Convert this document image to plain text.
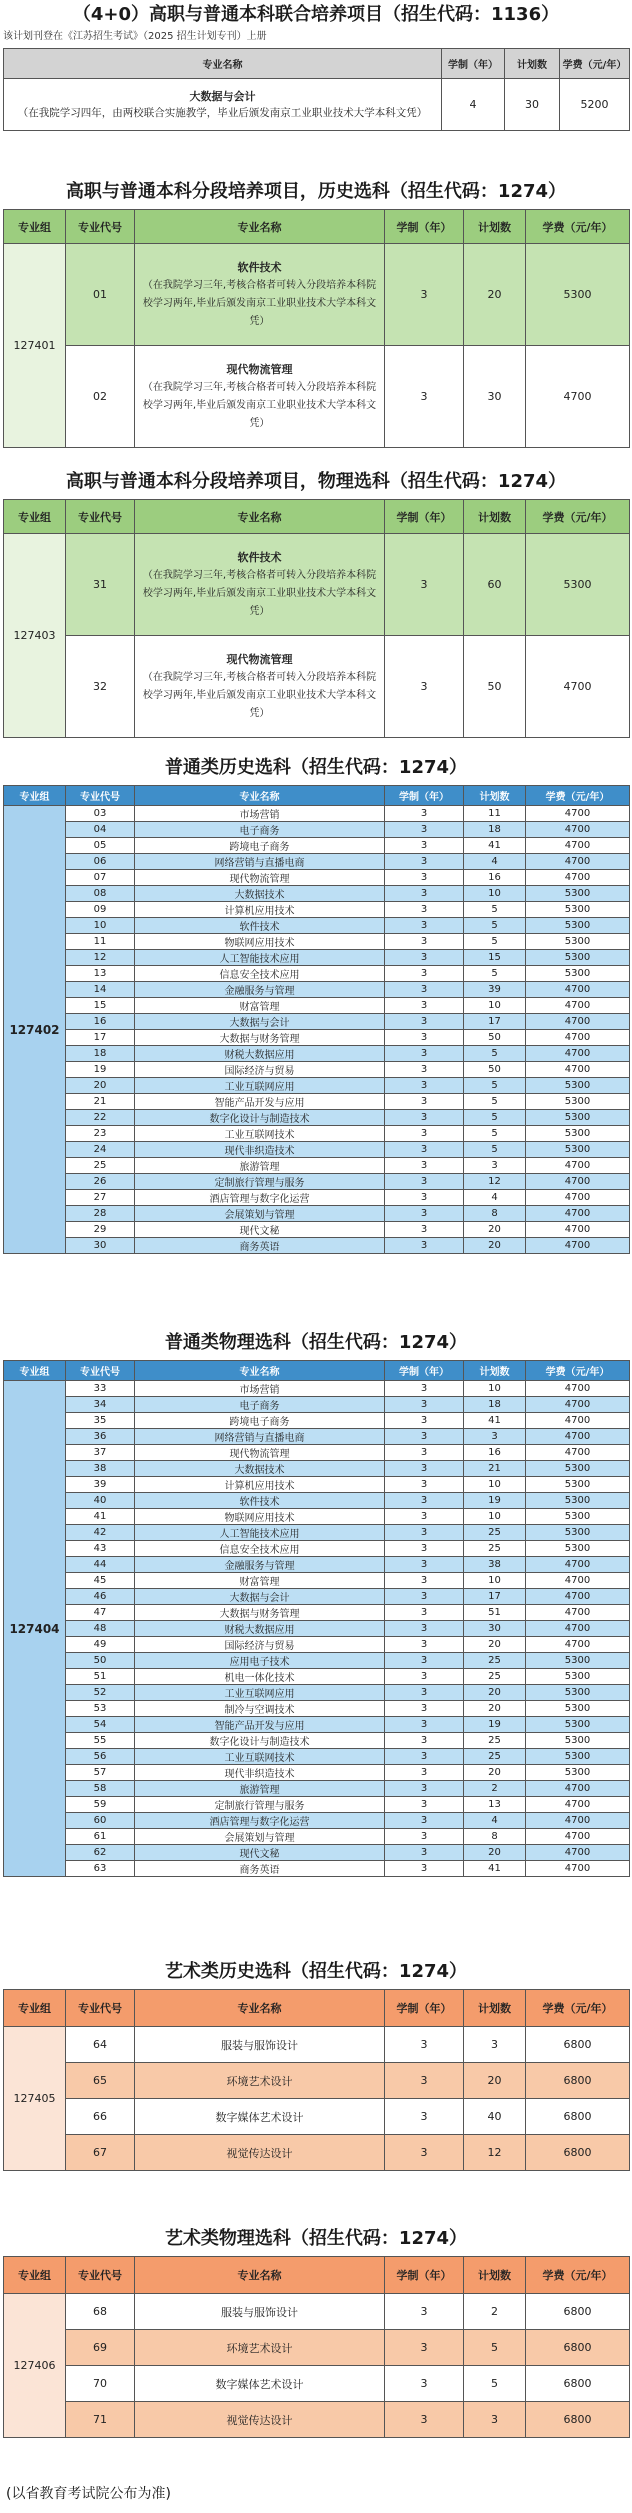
（4+0）高职与普通本科联合培养项目（招生代码：1136）
该计划刊登在《江苏招生考试》（2025 招生计划专刊）上册
专业名称	学制（年）	计划数	学费（元/年）

大数据与会计
（在我院学习四年，由两校联合实施教学，毕业后颁发南京工业职业技术大学本科文凭）	4	30	5200
高职与普通本科分段培养项目，历史选科（招生代码：1274）
专业组	专业代号	专业名称	学制（年）	计划数	学费（元/年）
127401	01	软件技术
（在我院学习三年,考核合格者可转入分段培养本科院校学习两年,毕业后颁发南京工业职业技术大学本科文凭）	3	20	5300
	02	现代物流管理
（在我院学习三年,考核合格者可转入分段培养本科院校学习两年,毕业后颁发南京工业职业技术大学本科文凭）	3	30	4700
高职与普通本科分段培养项目，物理选科（招生代码：1274）
专业组	专业代号	专业名称	学制（年）	计划数	学费（元/年）
127403	31	软件技术
（在我院学习三年,考核合格者可转入分段培养本科院校学习两年,毕业后颁发南京工业职业技术大学本科文凭）	3	60	5300
	32	现代物流管理
（在我院学习三年,考核合格者可转入分段培养本科院校学习两年,毕业后颁发南京工业职业技术大学本科文凭）	3	50	4700
普通类历史选科（招生代码：1274）
专业组	专业代号	专业名称	学制（年）	计划数	学费（元/年）
127402	03	市场营销	3	11	4700
	04	电子商务	3	18	4700
	05	跨境电子商务	3	41	4700
	06	网络营销与直播电商	3	4	4700
	07	现代物流管理	3	16	4700
	08	大数据技术	3	10	5300
	09	计算机应用技术	3	5	5300
	10	软件技术	3	5	5300
	11	物联网应用技术	3	5	5300
	12	人工智能技术应用	3	15	5300
	13	信息安全技术应用	3	5	5300
	14	金融服务与管理	3	39	4700
	15	财富管理	3	10	4700
	16	大数据与会计	3	17	4700
	17	大数据与财务管理	3	50	4700
	18	财税大数据应用	3	5	4700
	19	国际经济与贸易	3	50	4700
	20	工业互联网应用	3	5	5300
	21	智能产品开发与应用	3	5	5300
	22	数字化设计与制造技术	3	5	5300
	23	工业互联网技术	3	5	5300
	24	现代非织造技术	3	5	5300
	25	旅游管理	3	3	4700
	26	定制旅行管理与服务	3	12	4700
	27	酒店管理与数字化运营	3	4	4700
	28	会展策划与管理	3	8	4700
	29	现代文秘	3	20	4700
	30	商务英语	3	20	4700
普通类物理选科（招生代码：1274）
专业组	专业代号	专业名称	学制（年）	计划数	学费（元/年）
127404	33	市场营销	3	10	4700
	34	电子商务	3	18	4700
	35	跨境电子商务	3	41	4700
	36	网络营销与直播电商	3	3	4700
	37	现代物流管理	3	16	4700
	38	大数据技术	3	21	5300
	39	计算机应用技术	3	10	5300
	40	软件技术	3	19	5300
	41	物联网应用技术	3	10	5300
	42	人工智能技术应用	3	25	5300
	43	信息安全技术应用	3	25	5300
	44	金融服务与管理	3	38	4700
	45	财富管理	3	10	4700
	46	大数据与会计	3	17	4700
	47	大数据与财务管理	3	51	4700
	48	财税大数据应用	3	30	4700
	49	国际经济与贸易	3	20	4700
	50	应用电子技术	3	25	5300
	51	机电一体化技术	3	25	5300
	52	工业互联网应用	3	20	5300
	53	制冷与空调技术	3	20	5300
	54	智能产品开发与应用	3	19	5300
	55	数字化设计与制造技术	3	25	5300
	56	工业互联网技术	3	25	5300
	57	现代非织造技术	3	20	5300
	58	旅游管理	3	2	4700
	59	定制旅行管理与服务	3	13	4700
	60	酒店管理与数字化运营	3	4	4700
	61	会展策划与管理	3	8	4700
	62	现代文秘	3	20	4700
	63	商务英语	3	41	4700
艺术类历史选科（招生代码：1274）
专业组	专业代号	专业名称	学制（年）	计划数	学费（元/年）
127405	64	服装与服饰设计	3	3	6800
	65	环境艺术设计	3	20	6800
	66	数字媒体艺术设计	3	40	6800
	67	视觉传达设计	3	12	6800
艺术类物理选科（招生代码：1274）
专业组	专业代号	专业名称	学制（年）	计划数	学费（元/年）
127406	68	服装与服饰设计	3	2	6800
	69	环境艺术设计	3	5	6800
	70	数字媒体艺术设计	3	5	6800
	71	视觉传达设计	3	3	6800
(以省教育考试院公布为准)
